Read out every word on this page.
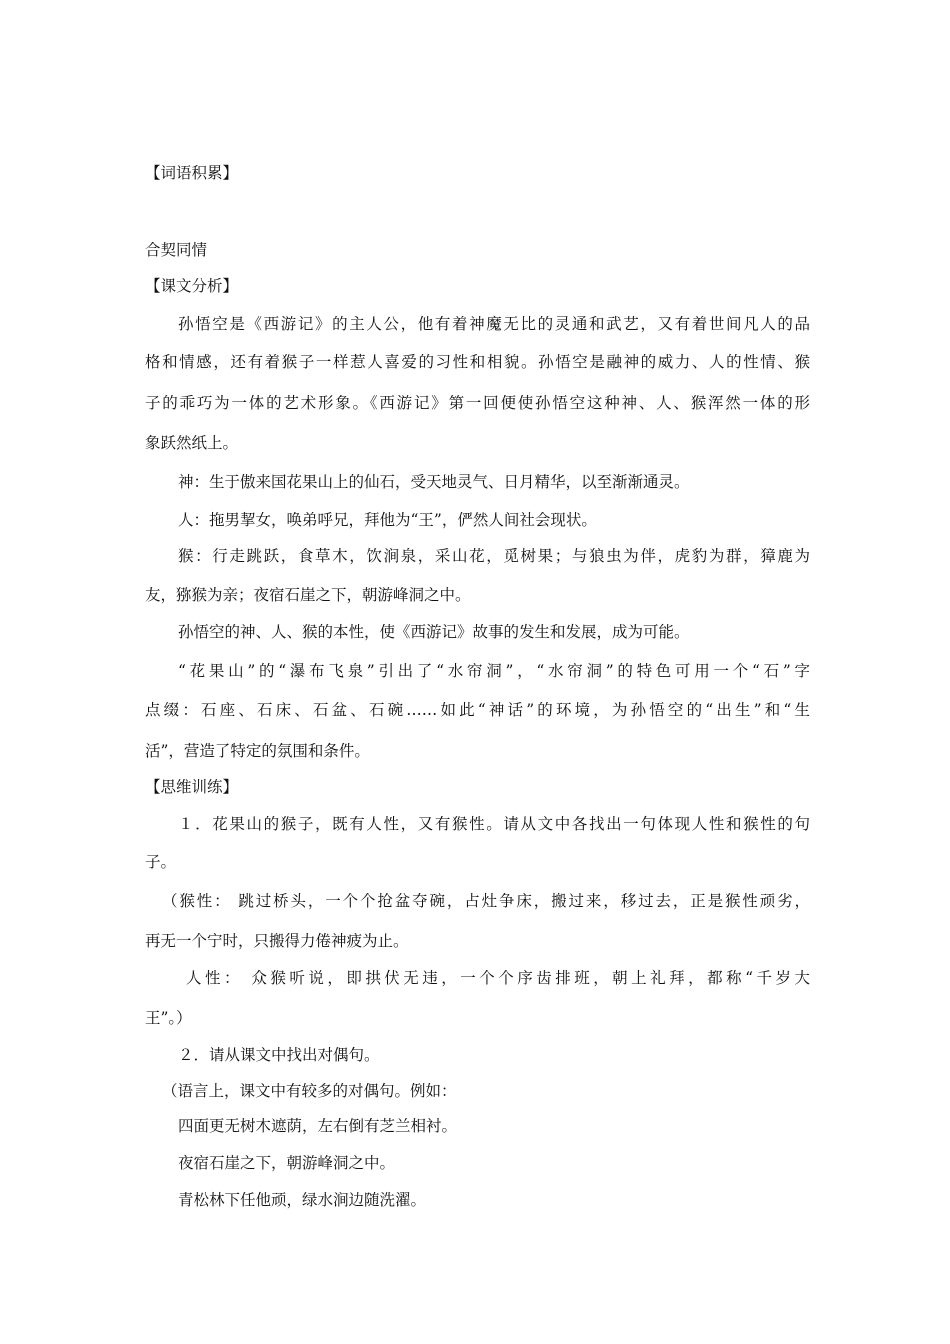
【词语积累】
合契同情
【课文分析】
孙悟空是《西游记》的主人公，他有着神魔无比的灵通和武艺，又有着世间凡人的品
格和情感，还有着猴子一样惹人喜爱的习性和相貌。孙悟空是融神的威力、人的性情、猴
子的乖巧为一体的艺术形象。《西游记》第一回便使孙悟空这种神、人、猴浑然一体的形
象跃然纸上。
神：生于傲来国花果山上的仙石，受天地灵气、日月精华，以至渐渐通灵。
人：拖男挈女，唤弟呼兄，拜他为“王”，俨然人间社会现状。
猴：行走跳跃，食草木，饮涧泉，采山花，觅树果；与狼虫为伴，虎豹为群，獐鹿为
友，猕猴为亲；夜宿石崖之下，朝游峰洞之中。
孙悟空的神、人、猴的本性，使《西游记》故事的发生和发展，成为可能。
“花果山”的“瀑布飞泉”引出了“水帘洞”，“水帘洞”的特色可用一个“石”字
点缀：石座、石床、石盆、石碗……如此“神话”的环境，为孙悟空的“出生”和“生
活”，营造了特定的氛围和条件。
【思维训练】
１．花果山的猴子，既有人性，又有猴性。请从文中各找出一句体现人性和猴性的句
子。
（猴性： 跳过桥头，一个个抢盆夺碗，占灶争床，搬过来，移过去，正是猴性顽劣，
再无一个宁时，只搬得力倦神疲为止。
人性： 众猴听说，即拱伏无违，一个个序齿排班，朝上礼拜，都称“千岁大
王”。）
２．请从课文中找出对偶句。
（语言上，课文中有较多的对偶句。例如：
四面更无树木遮荫，左右倒有芝兰相衬。
夜宿石崖之下，朝游峰洞之中。
青松林下任他顽，绿水涧边随洗濯。
